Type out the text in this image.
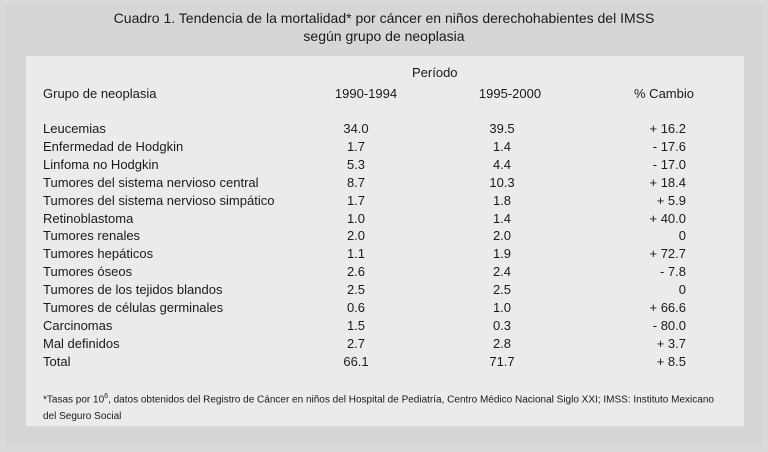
Cuadro 1. Tendencia de la mortalidad* por cáncer en niños derechohabientes del IMSS
según grupo de neoplasia
Período
Grupo de neoplasia	1990-1994	1995-2000	% Cambio
Leucemias	34.0	39.5	+ 16.2
Enfermedad de Hodgkin	1.7	1.4	- 17.6
Linfoma no Hodgkin	5.3	4.4	- 17.0
Tumores del sistema nervioso central	8.7	10.3	+ 18.4
Tumores del sistema nervioso simpático	1.7	1.8	+ 5.9
Retinoblastoma	1.0	1.4	+ 40.0
Tumores renales	2.0	2.0	0
Tumores hepáticos	1.1	1.9	+ 72.7
Tumores óseos	2.6	2.4	- 7.8
Tumores de los tejidos blandos	2.5	2.5	0
Tumores de células germinales	0.6	1.0	+ 66.6
Carcinomas	1.5	0.3	- 80.0
Mal definidos	2.7	2.8	+ 3.7
Total	66.1	71.7	+ 8.5
*Tasas por $10^6$, datos obtenidos del Registro de Cáncer en niños del Hospital de Pediatría, Centro Médico Nacional Siglo XXI; IMSS: Instituto Mexicano del Seguro Social
